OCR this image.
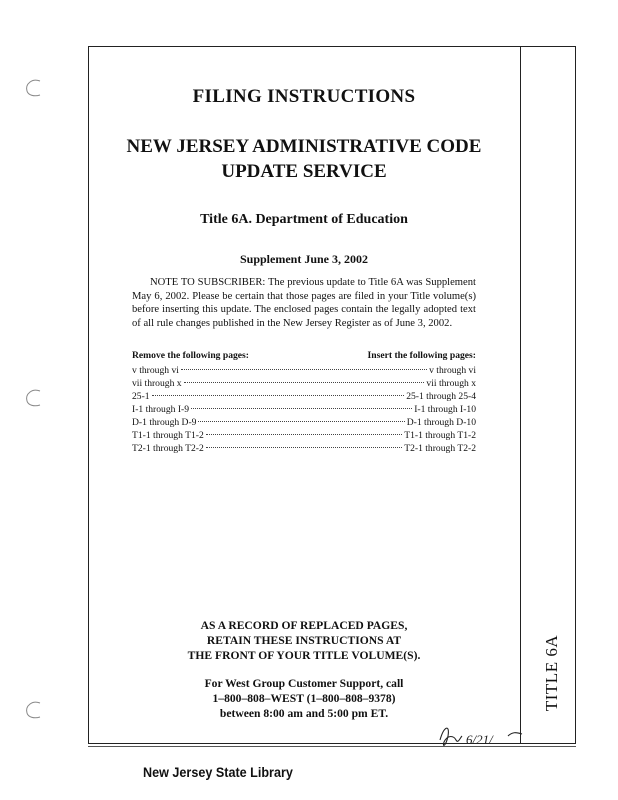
FILING INSTRUCTIONS
NEW JERSEY ADMINISTRATIVE CODE
UPDATE SERVICE
Title 6A. Department of Education
Supplement June 3, 2002
NOTE TO SUBSCRIBER: The previous update to Title 6A was Supplement May 6, 2002. Please be certain that those pages are filed in your Title volume(s) before inserting this update. The enclosed pages contain the legally adopted text of all rule changes published in the New Jersey Register as of June 3, 2002.
Remove the following pages:	Insert the following pages:
v through vi	v through vi
vii through x	vii through x
25-1	25-1 through 25-4
I-1 through I-9	I-1 through I-10
D-1 through D-9	D-1 through D-10
T1-1 through T1-2	T1-1 through T1-2
T2-1 through T2-2	T2-1 through T2-2
AS A RECORD OF REPLACED PAGES,
RETAIN THESE INSTRUCTIONS AT
THE FRONT OF YOUR TITLE VOLUME(S).
For West Group Customer Support, call
1–800–808–WEST (1–800–808–9378)
between 8:00 am and 5:00 pm ET.
TITLE 6A
6/21/
New Jersey State Library
